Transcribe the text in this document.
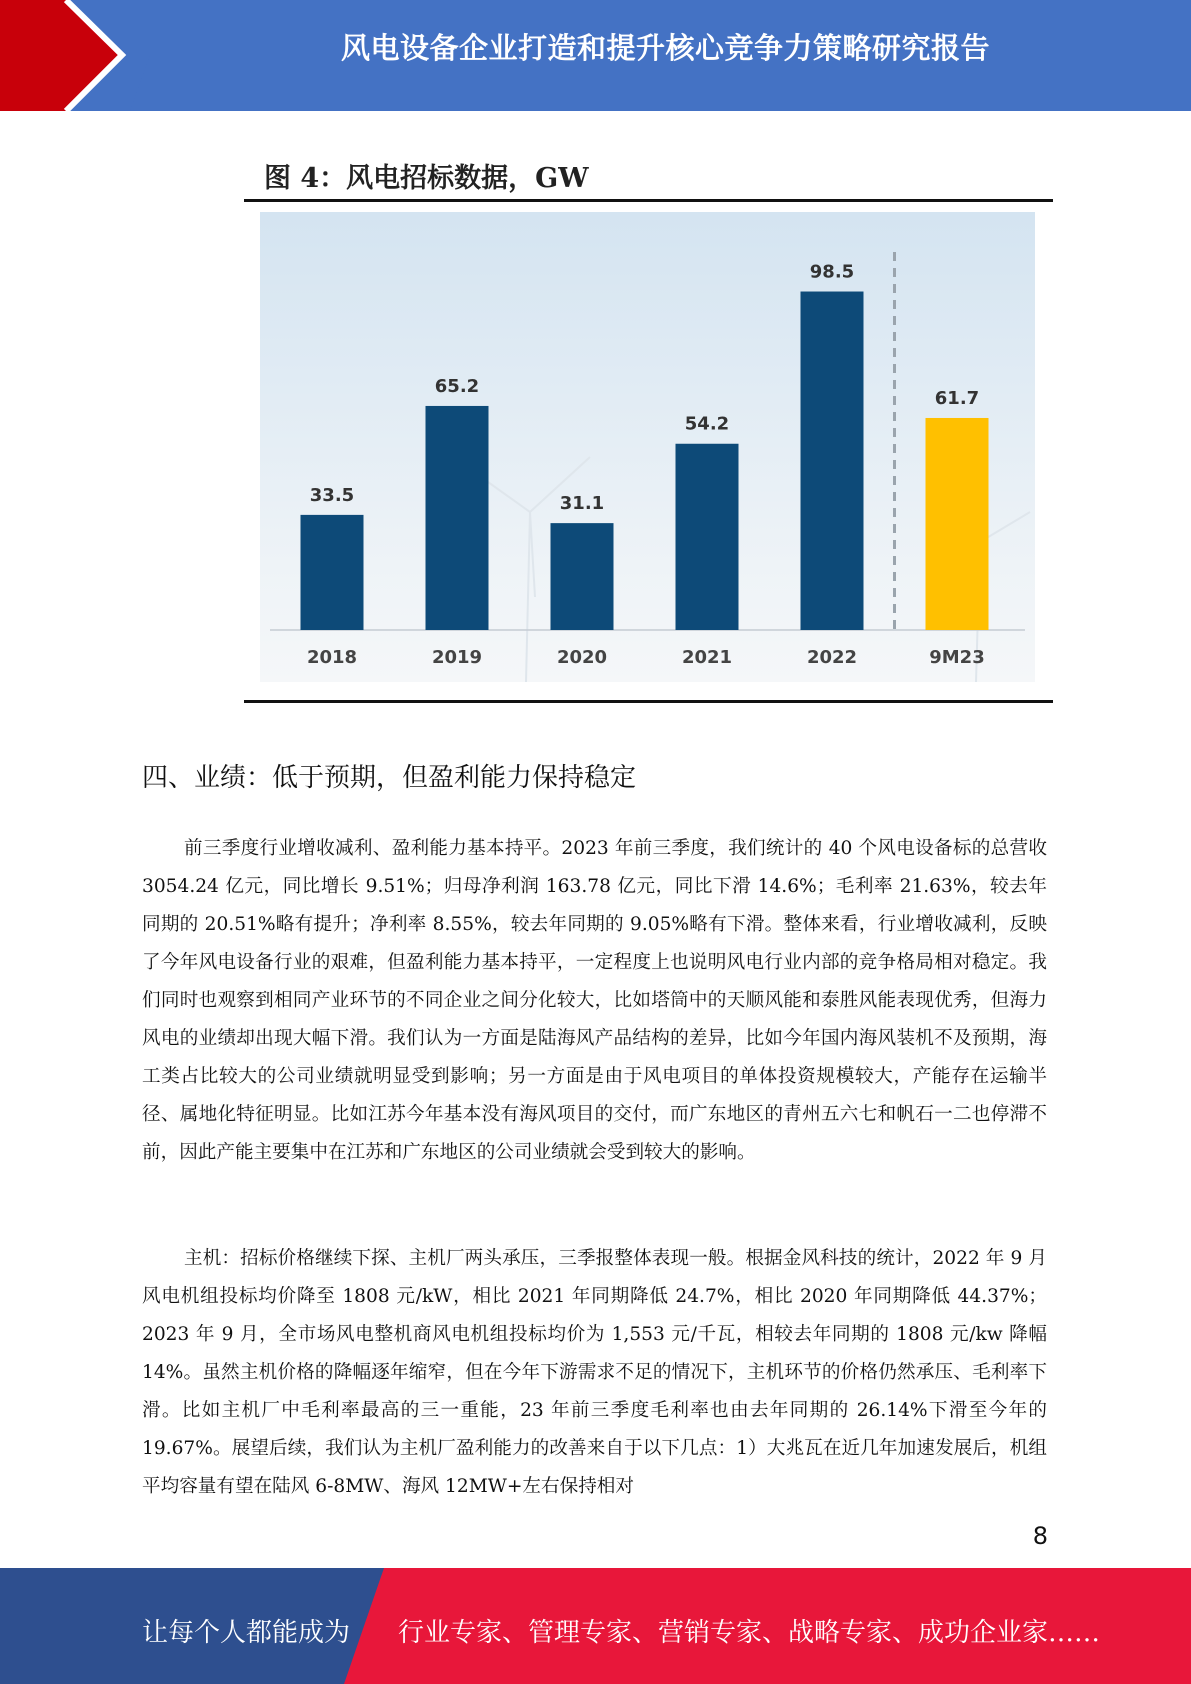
风电设备企业打造和提升核心竞争力策略研究报告
图 4：风电招标数据，GW
33.5
65.2
31.1
54.2
98.5
61.7
2018	2019	2020	2021	2022	9M23
四、业绩：低于预期，但盈利能力保持稳定

前三季度行业增收减利、盈利能力基本持平。2023 年前三季度，我们统计的 40 个风电设备标的总营收 3054.24 亿元，同比增长 9.51%；归母净利润 163.78 亿元，同比下滑 14.6%；毛利率 21.63%，较去年同期的 20.51%略有提升；净利率 8.55%，较去年同期的 9.05%略有下滑。整体来看，行业增收减利，反映了今年风电设备行业的艰难，但盈利能力基本持平，一定程度上也说明风电行业内部的竞争格局相对稳定。我们同时也观察到相同产业环节的不同企业之间分化较大，比如塔筒中的天顺风能和泰胜风能表现优秀，但海力风电的业绩却出现大幅下滑。我们认为一方面是陆海风产品结构的差异，比如今年国内海风装机不及预期，海工类占比较大的公司业绩就明显受到影响；另一方面是由于风电项目的单体投资规模较大，产能存在运输半径、属地化特征明显。比如江苏今年基本没有海风项目的交付，而广东地区的青州五六七和帆石一二也停滞不前，因此产能主要集中在江苏和广东地区的公司业绩就会受到较大的影响。

主机：招标价格继续下探、主机厂两头承压，三季报整体表现一般。根据金风科技的统计，2022 年 9 月风电机组投标均价降至 1808 元/kW，相比 2021 年同期降低 24.7%，相比 2020 年同期降低 44.37%；2023 年 9 月，全市场风电整机商风电机组投标均价为 1,553 元/千瓦，相较去年同期的 1808 元/kw 降幅 14%。虽然主机价格的降幅逐年缩窄，但在今年下游需求不足的情况下，主机环节的价格仍然承压、毛利率下滑。比如主机厂中毛利率最高的三一重能，23 年前三季度毛利率也由去年同期的 26.14%下滑至今年的 19.67%。展望后续，我们认为主机厂盈利能力的改善来自于以下几点：1）大兆瓦在近几年加速发展后，机组平均容量有望在陆风 6-8MW、海风 12MW+左右保持相对

8
让每个人都能成为 行业专家、管理专家、营销专家、战略专家、成功企业家……
